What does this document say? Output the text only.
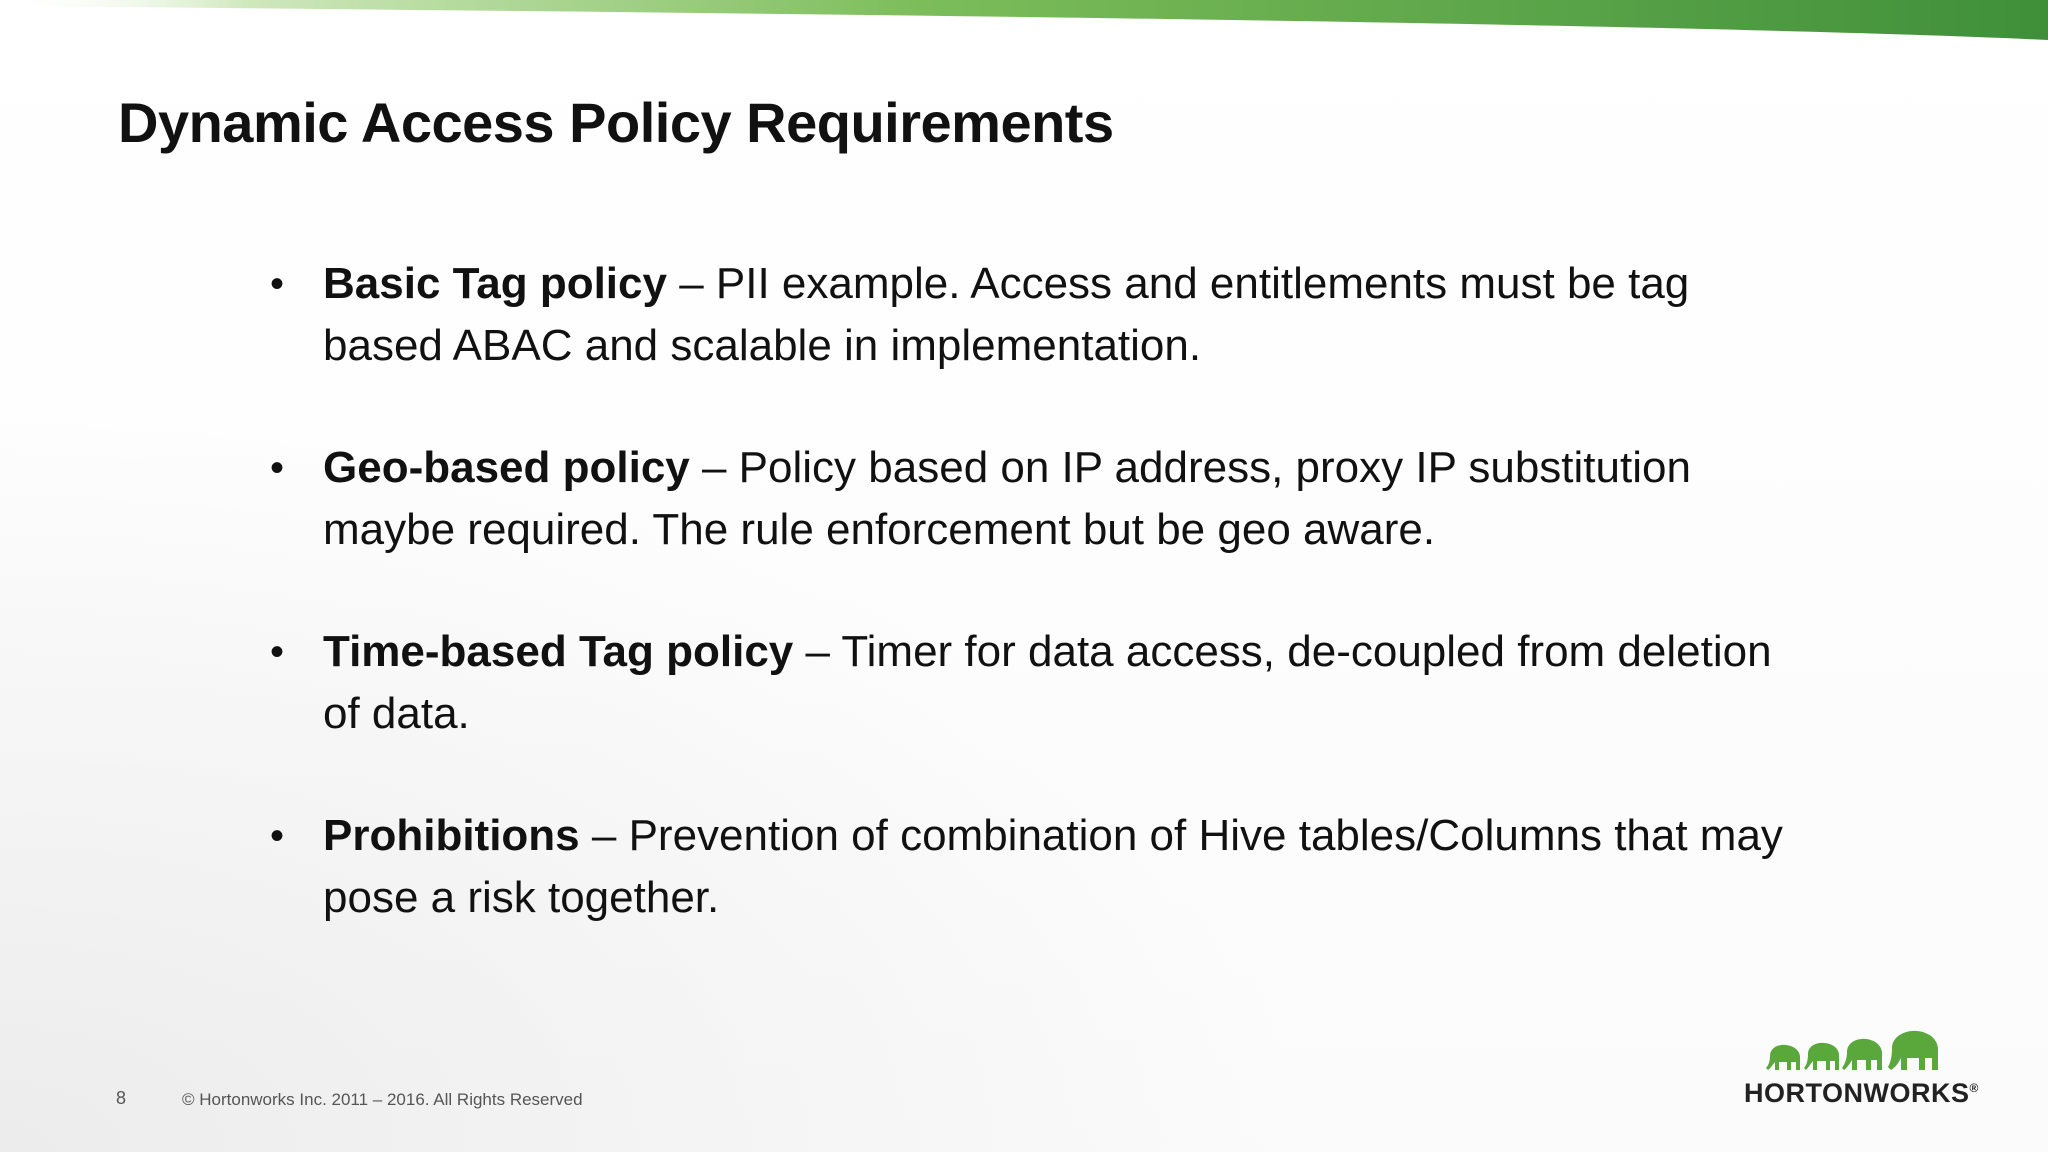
Dynamic Access Policy Requirements
• Basic Tag policy – PII example. Access and entitlements must be tag based ABAC and scalable in implementation.
• Geo-based policy – Policy based on IP address, proxy IP substitution maybe required. The rule enforcement but be geo aware.
• Time-based Tag policy – Timer for data access, de-coupled from deletion of data.
• Prohibitions – Prevention of combination of Hive tables/Columns that may pose a risk together.
8	© Hortonworks Inc. 2011 – 2016. All Rights Reserved	HORTONWORKS®
